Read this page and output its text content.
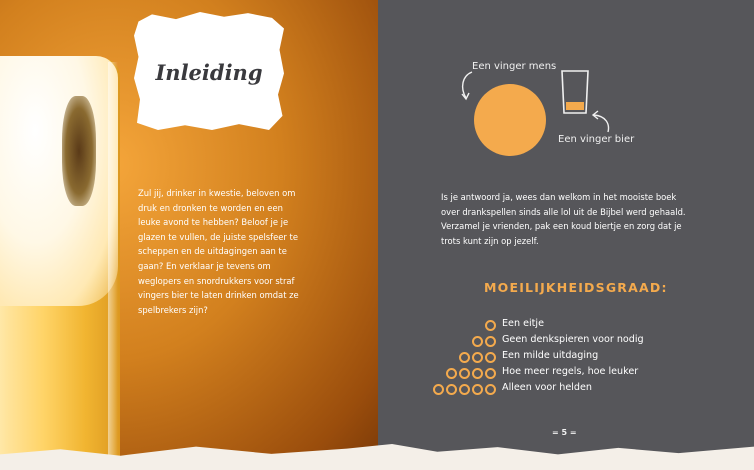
Inleiding

Zul jij, drinker in kwestie, beloven om druk en dronken te worden en een leuke avond te hebben? Beloof je je glazen te vullen, de juiste spelsfeer te scheppen en de uitdagingen aan te gaan? En verklaar je tevens om weglopers en snordrukkers voor straf vingers bier te laten drinken omdat ze spelbrekers zijn?

Een vinger mens
Een vinger bier

Is je antwoord ja, wees dan welkom in het mooiste boek over drankspellen sinds alle lol uit de Bijbel werd gehaald. Verzamel je vrienden, pak een koud biertje en zorg dat je trots kunt zijn op jezelf.

MOEILIJKHEIDSGRAAD:
Een eitje
Geen denkspieren voor nodig
Een milde uitdaging
Hoe meer regels, hoe leuker
Alleen voor helden
= 5 =
